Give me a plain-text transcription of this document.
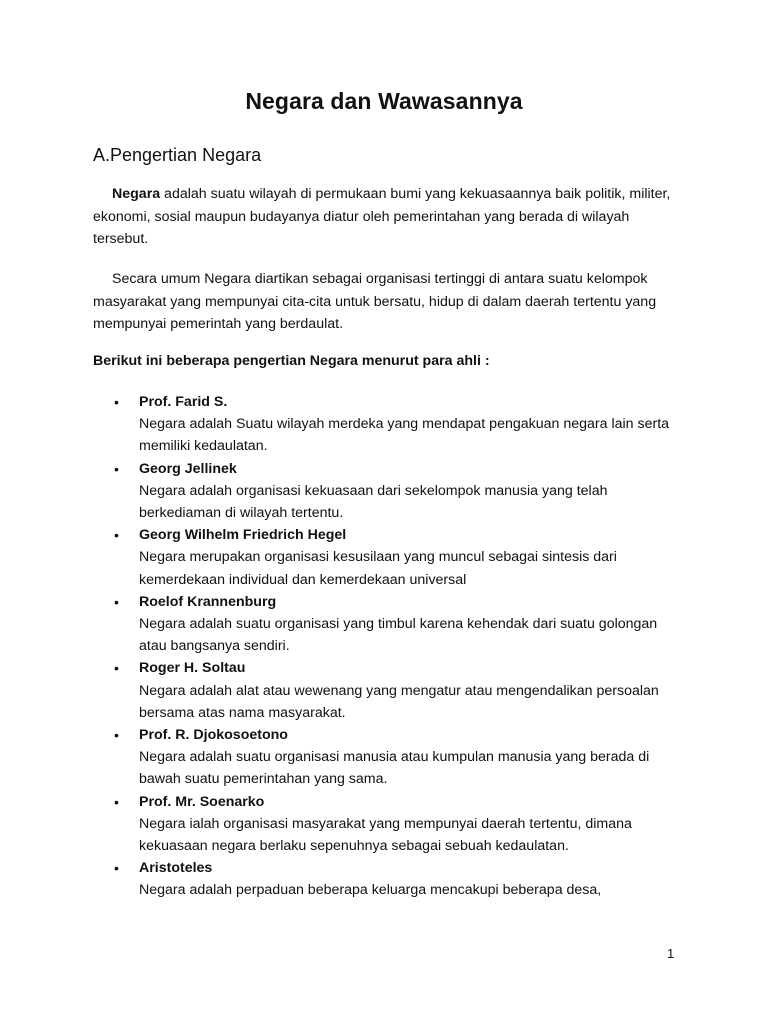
Negara dan Wawasannya
A.Pengertian Negara

Negara adalah suatu wilayah di permukaan bumi yang kekuasaannya baik politik, militer, ekonomi, sosial maupun budayanya diatur oleh pemerintahan yang berada di wilayah tersebut.

Secara umum Negara diartikan sebagai organisasi tertinggi di antara suatu kelompok masyarakat yang mempunyai cita-cita untuk bersatu, hidup di dalam daerah tertentu yang mempunyai pemerintah yang berdaulat.

Berikut ini beberapa pengertian Negara menurut para ahli :

• Prof. Farid S.
Negara adalah Suatu wilayah merdeka yang mendapat pengakuan negara lain serta memiliki kedaulatan.
• Georg Jellinek
Negara adalah organisasi kekuasaan dari sekelompok manusia yang telah berkediaman di wilayah tertentu.
• Georg Wilhelm Friedrich Hegel
Negara merupakan organisasi kesusilaan yang muncul sebagai sintesis dari kemerdekaan individual dan kemerdekaan universal
• Roelof Krannenburg
Negara adalah suatu organisasi yang timbul karena kehendak dari suatu golongan atau bangsanya sendiri.
• Roger H. Soltau
Negara adalah alat atau wewenang yang mengatur atau mengendalikan persoalan bersama atas nama masyarakat.
• Prof. R. Djokosoetono
Negara adalah suatu organisasi manusia atau kumpulan manusia yang berada di bawah suatu pemerintahan yang sama.
• Prof. Mr. Soenarko
Negara ialah organisasi masyarakat yang mempunyai daerah tertentu, dimana kekuasaan negara berlaku sepenuhnya sebagai sebuah kedaulatan.
• Aristoteles
Negara adalah perpaduan beberapa keluarga mencakupi beberapa desa,
1
